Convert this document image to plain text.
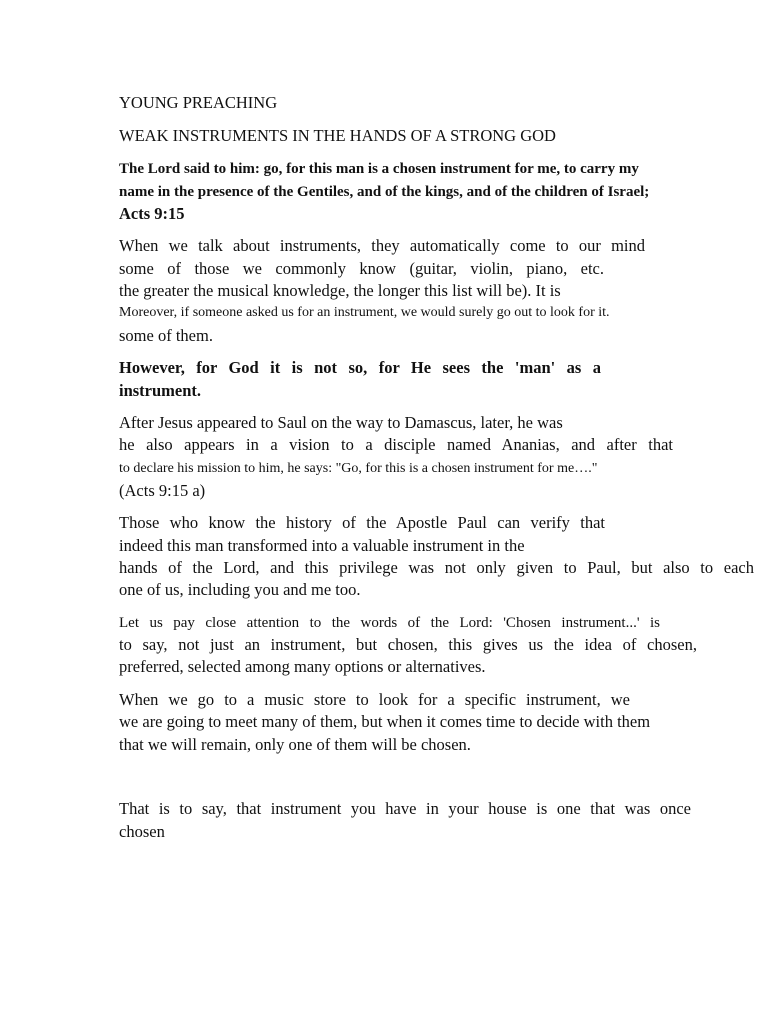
YOUNG PREACHING
WEAK INSTRUMENTS IN THE HANDS OF A STRONG GOD
The Lord said to him: go, for this man is a chosen instrument for me, to carry my
name in the presence of the Gentiles, and of the kings, and of the children of Israel;
Acts 9:15
When we talk about instruments, they automatically come to our mind
some of those we commonly know (guitar, violin, piano, etc.
the greater the musical knowledge, the longer this list will be). It is
Moreover, if someone asked us for an instrument, we would surely go out to look for it.
some of them.
However, for God it is not so, for He sees the 'man' as a
instrument.
After Jesus appeared to Saul on the way to Damascus, later, he was
he also appears in a vision to a disciple named Ananias, and after that
to declare his mission to him, he says: "Go, for this is a chosen instrument for me…."
(Acts 9:15 a)
Those who know the history of the Apostle Paul can verify that
indeed this man transformed into a valuable instrument in the
hands of the Lord, and this privilege was not only given to Paul, but also to each
one of us, including you and me too.
Let us pay close attention to the words of the Lord: 'Chosen instrument...' is
to say, not just an instrument, but chosen, this gives us the idea of chosen,
preferred, selected among many options or alternatives.
When we go to a music store to look for a specific instrument, we
we are going to meet many of them, but when it comes time to decide with them
that we will remain, only one of them will be chosen.
That is to say, that instrument you have in your house is one that was once
chosen
